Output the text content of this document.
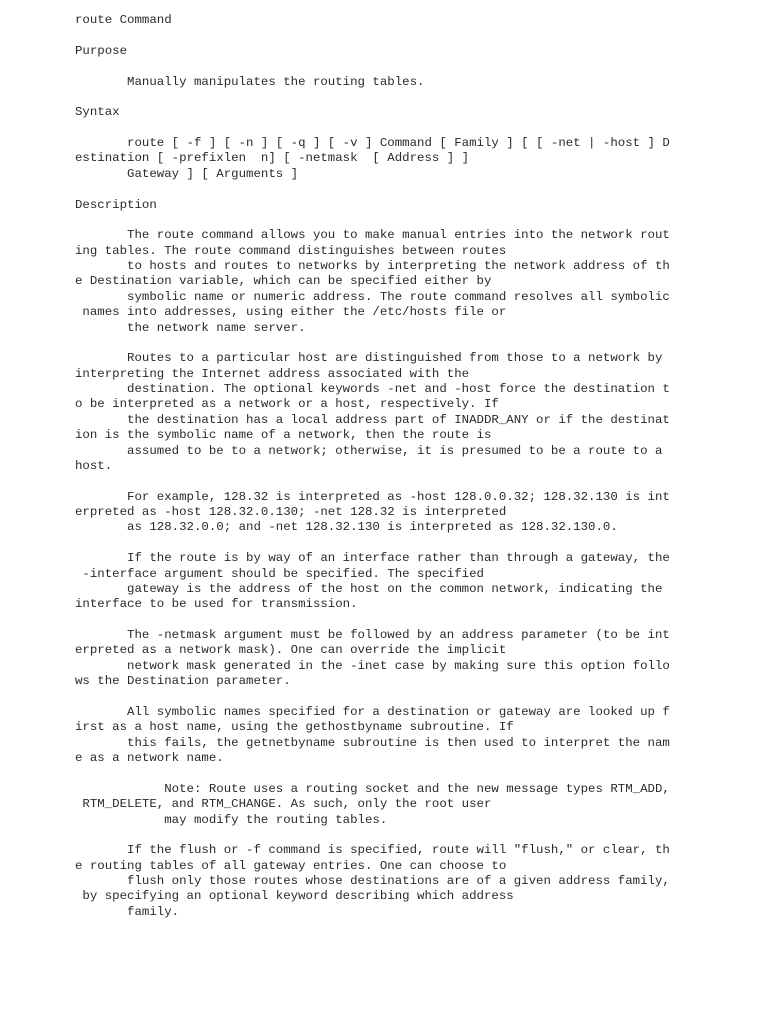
route Command
Purpose
Manually manipulates the routing tables.
Syntax
route [ -f ] [ -n ] [ -q ] [ -v ] Command [ Family ] [ [ -net | -host ] D
estination [ -prefixlen  n] [ -netmask  [ Address ] ]
Gateway ] [ Arguments ]
Description
The route command allows you to make manual entries into the network rout
ing tables. The route command distinguishes between routes
to hosts and routes to networks by interpreting the network address of th
e Destination variable, which can be specified either by
symbolic name or numeric address. The route command resolves all symbolic
names into addresses, using either the /etc/hosts file or
the network name server.
Routes to a particular host are distinguished from those to a network by
interpreting the Internet address associated with the
destination. The optional keywords -net and -host force the destination t
o be interpreted as a network or a host, respectively. If
the destination has a local address part of INADDR_ANY or if the destinat
ion is the symbolic name of a network, then the route is
assumed to be to a network; otherwise, it is presumed to be a route to a
host.
For example, 128.32 is interpreted as -host 128.0.0.32; 128.32.130 is int
erpreted as -host 128.32.0.130; -net 128.32 is interpreted
as 128.32.0.0; and -net 128.32.130 is interpreted as 128.32.130.0.
If the route is by way of an interface rather than through a gateway, the
-interface argument should be specified. The specified
gateway is the address of the host on the common network, indicating the
interface to be used for transmission.
The -netmask argument must be followed by an address parameter (to be int
erpreted as a network mask). One can override the implicit
network mask generated in the -inet case by making sure this option follo
ws the Destination parameter.
All symbolic names specified for a destination or gateway are looked up f
irst as a host name, using the gethostbyname subroutine. If
this fails, the getnetbyname subroutine is then used to interpret the nam
e as a network name.
Note: Route uses a routing socket and the new message types RTM_ADD,
RTM_DELETE, and RTM_CHANGE. As such, only the root user
may modify the routing tables.
If the flush or -f command is specified, route will "flush," or clear, th
e routing tables of all gateway entries. One can choose to
flush only those routes whose destinations are of a given address family,
by specifying an optional keyword describing which address
family.
